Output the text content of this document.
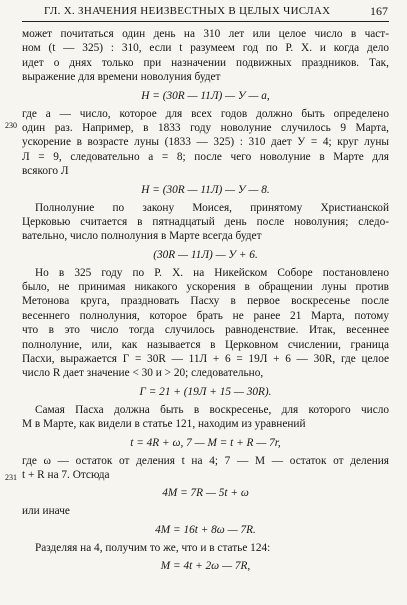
ГЛ. X. ЗНАЧЕНИЯ НЕИЗВЕСТНЫХ В ЦЕЛЫХ ЧИСЛАХ	167
230
231
может почитаться один день на 310 лет или целое число в част-
ном (t — 325) : 310, если t разумеем год по Р. Х. и когда дело
идет о днях только при назначении подвижных праздников. Так,
выражение для времени новолуния будет
Н = (30R — 11Л) — У — a,
где a — число, которое для всех годов должно быть определено
один раз. Например, в 1833 году новолуние случилось 9 Марта,
ускорение в возрасте луны (1833 — 325) : 310 дает У = 4; круг луны
Л = 9, следовательно a = 8; после чего новолуние в Марте для
всякого Л
Н = (30R — 11Л) — У — 8.
Полнолуние по закону Моисея, принятому Христианской
Церковью считается в пятнадцатый день после новолуния; следо-
вательно, число полнолуния в Марте всегда будет
(30R — 11Л) — У + 6.
Но в 325 году по Р. Х. на Никейском Соборе постановлено
было, не принимая никакого ускорения в обращении луны против
Метонова круга, праздновать Пасху в первое воскресенье после
весеннего полнолуния, которое брать не ранее 21 Марта, потому
что в это число тогда случилось равноденствие. Итак, весеннее
полнолуние, или, как называется в Церковном счислении, граница
Пасхи, выражается Г = 30R — 11Л + 6 = 19Л + 6 — 30R, где целое
число R дает значение < 30 и > 20; следовательно,
Г = 21 + (19Л + 15 — 30R).
Самая Пасха должна быть в воскресенье, для которого число
M в Марте, как видели в статье 121, находим из уравнений
t = 4R + ω, 7 — M = t + R — 7r,
где ω — остаток от деления t на 4; 7 — M — остаток от деления
t + R на 7. Отсюда
4M = 7R — 5t + ω
или иначе
4M = 16t + 8ω — 7R.
Разделяя на 4, получим то же, что и в статье 124:
M = 4t + 2ω — 7R,
